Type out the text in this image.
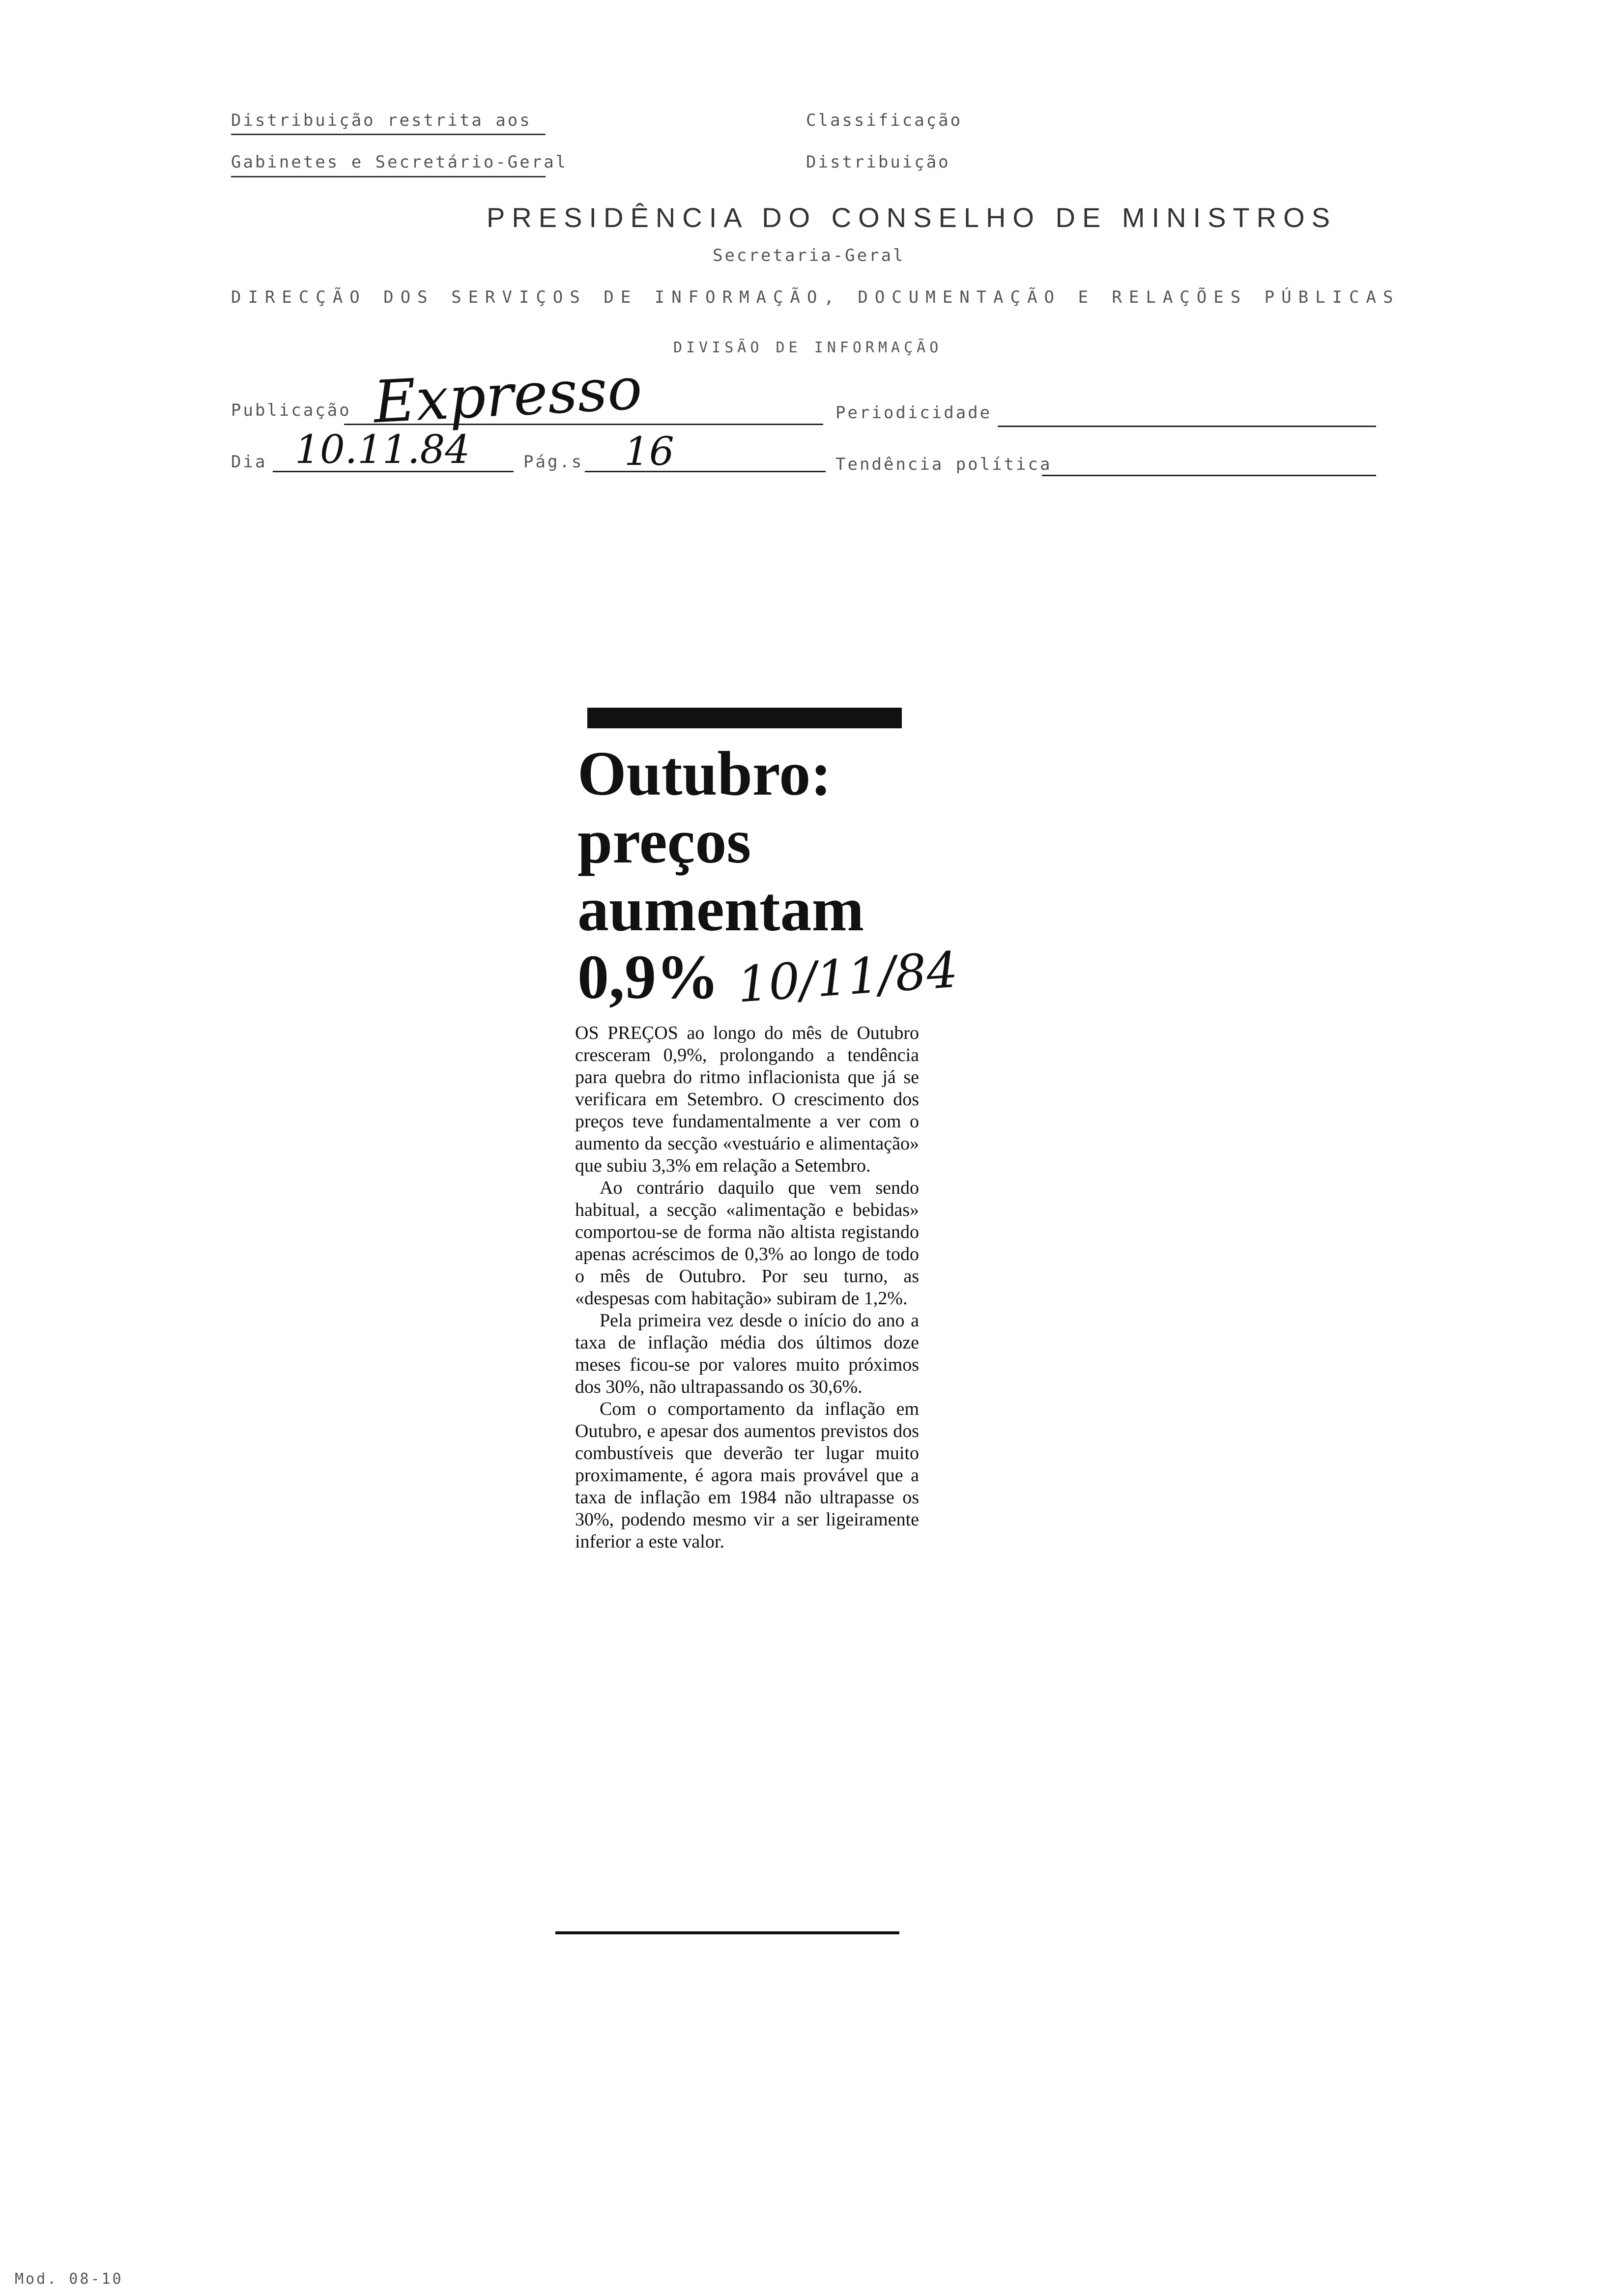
Distribuição restrita aos
Gabinetes e Secretário-Geral
Classificação
Distribuição
PRESIDÊNCIA DO CONSELHO DE MINISTROS
Secretaria-Geral
DIRECÇÃO DOS SERVIÇOS DE INFORMAÇÃO, DOCUMENTAÇÃO E RELAÇÕES PÚBLICAS
DIVISÃO DE INFORMAÇÃO
Publicação Expresso	Periodicidade
Dia 10.11.84	Pág.s 16	Tendência política
Outubro:
preços
aumentam
0,9% 10/11/84

OS PREÇOS ao longo do mês de Outubro cresceram 0,9%, prolongando a tendência para quebra do ritmo inflacionista que já se verificara em Setembro. O crescimento dos preços teve fundamentalmente a ver com o aumento da secção «vestuário e alimentação» que subiu 3,3% em relação a Setembro.

Ao contrário daquilo que vem sendo habitual, a secção «alimentação e bebidas» comportou-se de forma não altista registando apenas acréscimos de 0,3% ao longo de todo o mês de Outubro. Por seu turno, as «despesas com habitação» subiram de 1,2%.

Pela primeira vez desde o início do ano a taxa de inflação média dos últimos doze meses ficou-se por valores muito próximos dos 30%, não ultrapassando os 30,6%.

Com o comportamento da inflação em Outubro, e apesar dos aumentos previstos dos combustíveis que deverão ter lugar muito proximamente, é agora mais provável que a taxa de inflação em 1984 não ultrapasse os 30%, podendo mesmo vir a ser ligeiramente inferior a este valor.

Mod. 08-10
